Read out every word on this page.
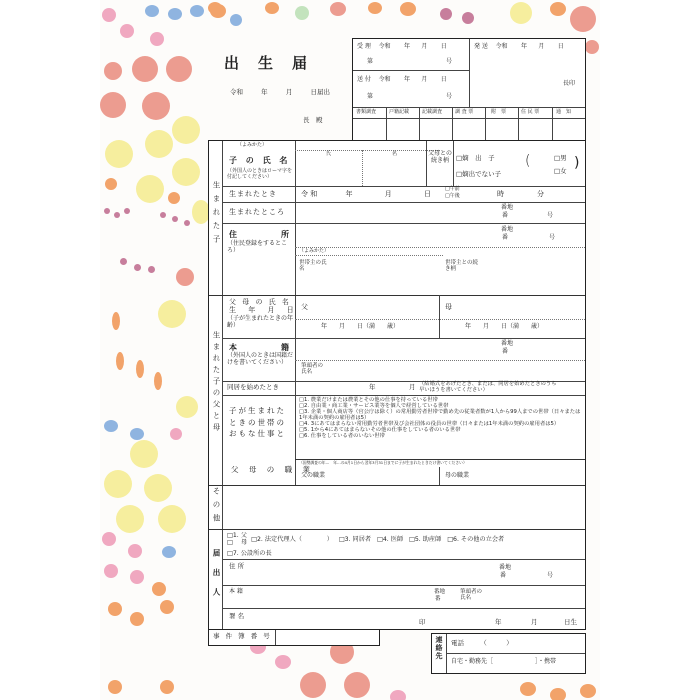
出　生　届
令和	年	月	日届出
長　殿
受 理 令和 年 月 日
第	号
送 付 令和 年 月 日
第	号
発 送 令和 年 月 日
長印
書類調査	戸籍記載	記載調査	調 査 票	附　票	住 民 票	通　知
生まれた子
生まれた子の父と母
その他
届出人
（よみかた）
子 の 氏 名
（外国人のときはローマ字を付記してください）
氏	名	父母との続き柄	□嫡　出　子
□嫡出でない子
(	□男
□女 )
生まれたとき	令 和	年	月	日
□午前
□午後	時	分
生まれたところ
番地
番	号
住　　　所
（住民登録をするところ）
番地
番	号
（よみかた）
世帯主の氏名
世帯主との続き柄
父 母 の 氏 名
生 年 月 日
（子が生まれたときの年齢）
父	母
年　　月　　日（満　　歳）	年　　月　　日（満　　歳）
本　　　籍
（外国人のときは国籍だけを書いてください）
番地
番
筆頭者の氏名
同居を始めたとき	年	月 （結婚式をあげたとき、または、同居を始めたときのうち早いほうを書いてください）
子が生まれたときの世帯のおもな仕事と
□1. 農業だけまたは農業とその他の仕事を持っている世帯
□2. 自由業・商工業・サービス業等を個人で経営している世帯
□3. 企業・個人商店等（官公庁は除く）の常用勤労者世帯で勤め先の従業者数が1人から99人までの世帯（日々または1年未満の契約の雇用者は5）
□4. 3にあてはまらない常用勤労者世帯及び会社団体の役員の世帯（日々または1年未満の契約の雇用者は5）
□5. 1から4にあてはまらないその他の仕事をしている者のいる世帯
□6. 仕事をしている者のいない世帯
父 母 の 職 業
（国勢調査の年…　年…の4月1日から翌年3月31日までに子が生まれたときだけ書いてください）
父の職業	母の職業
□1. 父
□ 　母 □2. 法定代理人（　　　　） □3. 同居者 □4. 医師 □5. 助産師 □6. その他の立会者
□7. 公設所の長
住 所	番地
番	号
本 籍	番地
番
筆頭者の氏名
署 名
印	年	月	日生
事 件 簿 番 号	連絡先 電話　　　（　　　）
自宅・勤務先［　　　　　　　］・携帯
